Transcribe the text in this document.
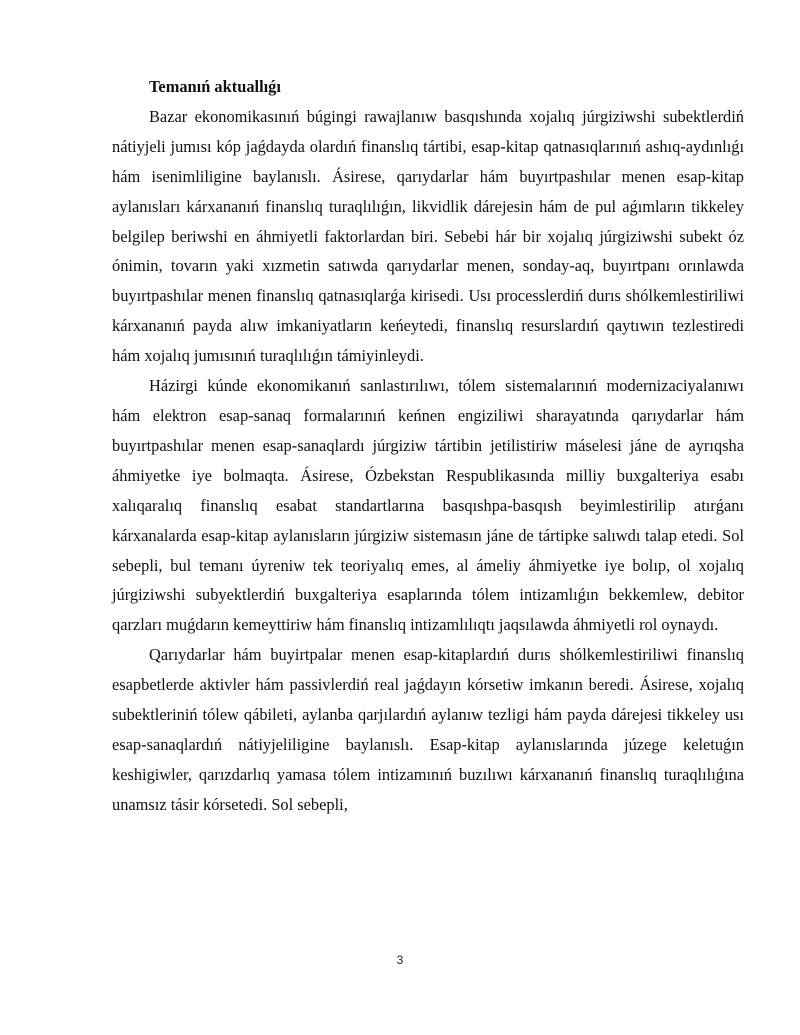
Temanıń aktuallıǵı

Bazar ekonomikasınıń búgingi rawajlanıw basqıshında xojalıq júrgiziwshi subektlerdiń nátiyjeli jumısı kóp jaǵdayda olardıń finanslıq tártibi, esap-kitap qatnasıqlarınıń ashıq-aydınlıǵı hám isenimliligine baylanıslı. Ásirese, qarıydarlar hám buyırtpashılar menen esap-kitap aylanısları kárxananıń finanslıq turaqlılıǵın, likvidlik dárejesin hám de pul aǵımların tikkeley belgilep beriwshi en áhmiyetli faktorlardan biri. Sebebi hár bir xojalıq júrgiziwshi subekt óz ónimin, tovarın yaki xızmetin satıwda qarıydarlar menen, sonday-aq, buyırtpanı orınlawda buyırtpashılar menen finanslıq qatnasıqlarǵa kirisedi. Usı processlerdiń durıs shólkemlestiriliwi kárxananıń payda alıw imkaniyatların keńeytedi, finanslıq resurslardıń qaytıwın tezlestiredi hám xojalıq jumısınıń turaqlılıǵın támiyinleydi.

Házirgi kúnde ekonomikanıń sanlastırılıwı, tólem sistemalarınıń modernizaciyalanıwı hám elektron esap-sanaq formalarınıń keńnen engiziliwi sharayatında qarıydarlar hám buyırtpashılar menen esap-sanaqlardı júrgiziw tártibin jetilistiriw máselesi jáne de ayrıqsha áhmiyetke iye bolmaqta. Ásirese, Ózbekstan Respublikasında milliy buxgalteriya esabı xalıqaralıq finanslıq esabat standartlarına basqıshpa-basqısh beyimlestirilip atırǵanı kárxanalarda esap-kitap aylanısların júrgiziw sistemasın jáne de tártipke salıwdı talap etedi. Sol sebepli, bul temanı úyreniw tek teoriyalıq emes, al ámeliy áhmiyetke iye bolıp, ol xojalıq júrgiziwshi subyektlerdiń buxgalteriya esaplarında tólem intizamlıǵın bekkemlew, debitor qarzları muǵdarın kemeyttiriw hám finanslıq intizamlılıqtı jaqsılawda áhmiyetli rol oynaydı.

Qarıydarlar hám buyirtpalar menen esap-kitaplardıń durıs shólkemlestiriliwi finanslıq esapbetlerde aktivler hám passivlerdiń real jaǵdayın kórsetiw imkanın beredi. Ásirese, xojalıq subektleriniń tólew qábileti, aylanba qarjılardıń aylanıw tezligi hám payda dárejesi tikkeley usı esap-sanaqlardıń nátiyjeliligine baylanıslı. Esap-kitap aylanıslarında júzege keletuǵın keshigiwler, qarızdarlıq yamasa tólem intizamınıń buzılıwı kárxananıń finanslıq turaqlılıǵına unamsız tásir kórsetedi. Sol sebepli,

3
